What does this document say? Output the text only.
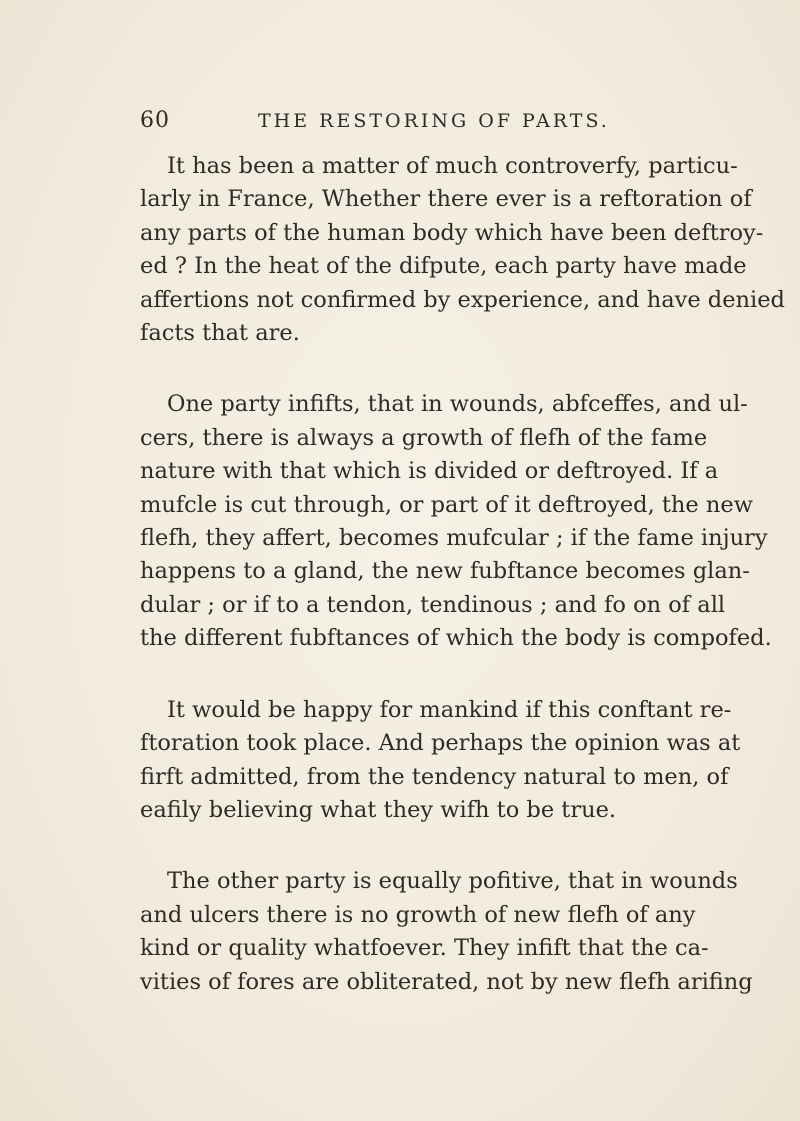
60	THE RESTORING OF PARTS.

It has been a matter of much controverfy, particu-
larly in France, Whether there ever is a reftoration of
any parts of the human body which have been deftroy-
ed ? In the heat of the difpute, each party have made
affertions not confirmed by experience, and have denied
facts that are.

One party infifts, that in wounds, abfceffes, and ul-
cers, there is always a growth of flefh of the fame
nature with that which is divided or deftroyed. If a
mufcle is cut through, or part of it deftroyed, the new
flefh, they affert, becomes mufcular ; if the fame injury
happens to a gland, the new fubftance becomes glan-
dular ; or if to a tendon, tendinous ; and fo on of all
the different fubftances of which the body is compofed.

It would be happy for mankind if this conftant re-
ftoration took place. And perhaps the opinion was at
firft admitted, from the tendency natural to men, of
eafily believing what they wifh to be true.

The other party is equally pofitive, that in wounds
and ulcers there is no growth of new flefh of any
kind or quality whatfoever. They infift that the ca-
vities of fores are obliterated, not by new flefh arifing
